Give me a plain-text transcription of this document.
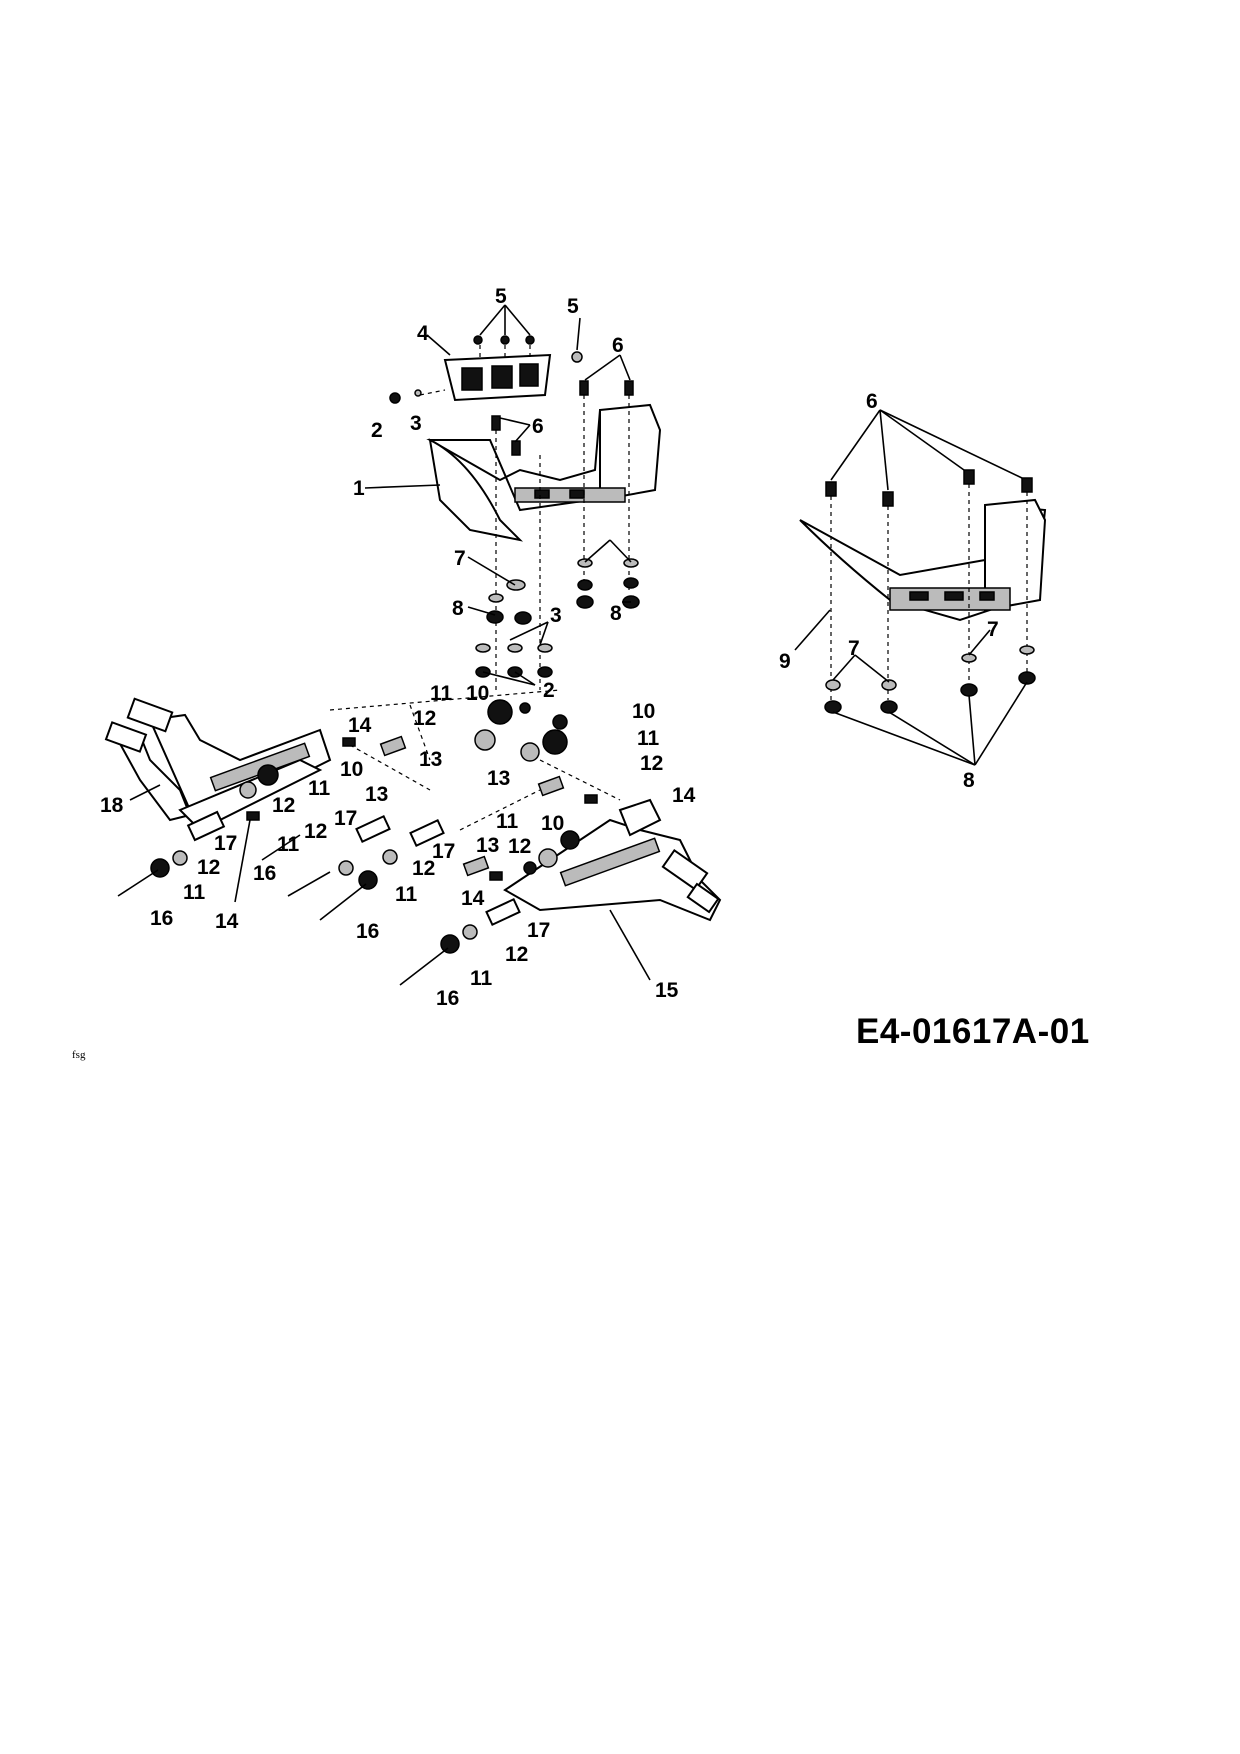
1
2
2
3
3
4
5	5
6
6
6
7
7
7
8	8
8
9
10
10
10
10
11
11
11
11
11
11
11
11
12
12
12
12
12
12
12
12
13
13
13
13
14
14
14
14
15
16
16
16
16
17
17	17
17
18
E4-01617A-01
fsg
